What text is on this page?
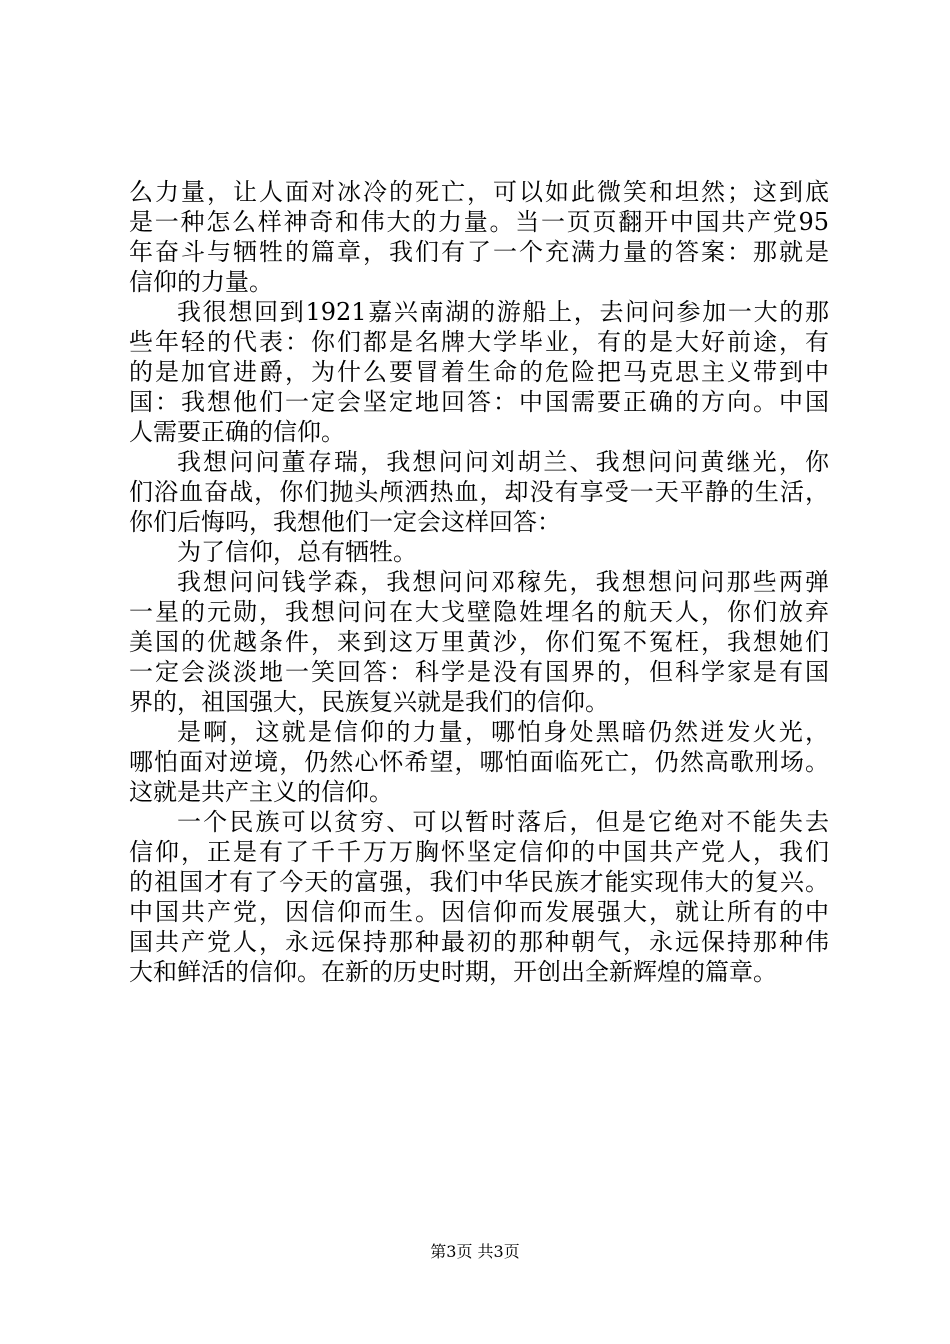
么力量，让人面对冰冷的死亡，可以如此微笑和坦然；这到底
是一种怎么样神奇和伟大的力量。当一页页翻开中国共产党95
年奋斗与牺牲的篇章，我们有了一个充满力量的答案：那就是
信仰的力量。
我很想回到1921嘉兴南湖的游船上，去问问参加一大的那
些年轻的代表：你们都是名牌大学毕业，有的是大好前途，有
的是加官进爵，为什么要冒着生命的危险把马克思主义带到中
国：我想他们一定会坚定地回答：中国需要正确的方向。中国
人需要正确的信仰。
我想问问董存瑞，我想问问刘胡兰、我想问问黄继光，你
们浴血奋战，你们抛头颅洒热血，却没有享受一天平静的生活，
你们后悔吗，我想他们一定会这样回答：
为了信仰，总有牺牲。
我想问问钱学森，我想问问邓稼先，我想想问问那些两弹
一星的元勋，我想问问在大戈壁隐姓埋名的航天人，你们放弃
美国的优越条件，来到这万里黄沙，你们冤不冤枉，我想她们
一定会淡淡地一笑回答：科学是没有国界的，但科学家是有国
界的，祖国强大，民族复兴就是我们的信仰。
是啊，这就是信仰的力量，哪怕身处黑暗仍然迸发火光，
哪怕面对逆境，仍然心怀希望，哪怕面临死亡，仍然高歌刑场。
这就是共产主义的信仰。
一个民族可以贫穷、可以暂时落后，但是它绝对不能失去
信仰，正是有了千千万万胸怀坚定信仰的中国共产党人，我们
的祖国才有了今天的富强，我们中华民族才能实现伟大的复兴。
中国共产党，因信仰而生。因信仰而发展强大，就让所有的中
国共产党人，永远保持那种最初的那种朝气，永远保持那种伟
大和鲜活的信仰。在新的历史时期，开创出全新辉煌的篇章。
第3页 共3页
